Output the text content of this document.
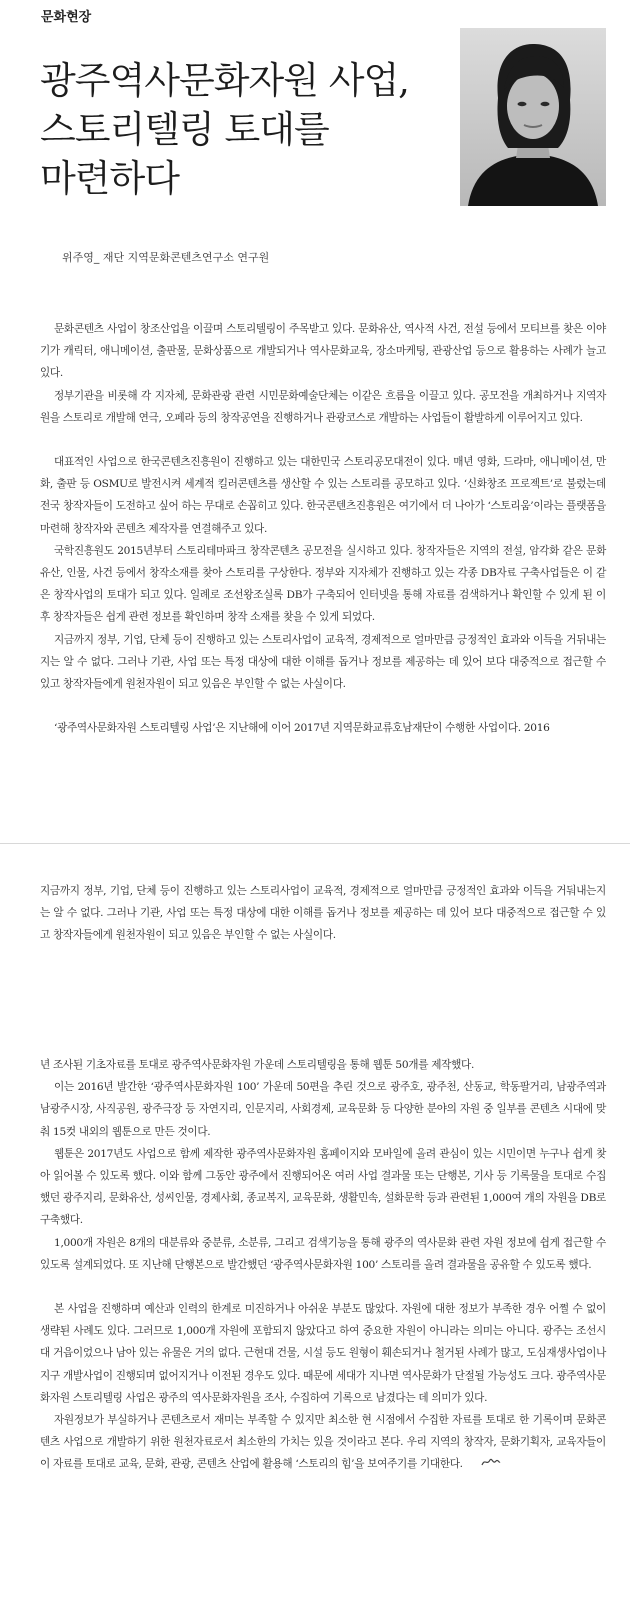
문화현장
광주역사문화자원 사업,
스토리텔링 토대를
마련하다
위주영_ 재단 지역문화콘텐츠연구소 연구원

문화콘텐츠 사업이 창조산업을 이끌며 스토리텔링이 주목받고 있다. 문화유산, 역사적 사건, 전설 등에서 모티브를 찾은 이야기가 캐릭터, 애니메이션, 출판물, 문화상품으로 개발되거나 역사문화교육, 장소마케팅, 관광산업 등으로 활용하는 사례가 늘고 있다.

정부기관을 비롯해 각 지자체, 문화관광 관련 시민문화예술단체는 이같은 흐름을 이끌고 있다. 공모전을 개최하거나 지역자원을 스토리로 개발해 연극, 오페라 등의 창작공연을 진행하거나 관광코스로 개발하는 사업들이 활발하게 이루어지고 있다.

대표적인 사업으로 한국콘텐츠진흥원이 진행하고 있는 대한민국 스토리공모대전이 있다. 매년 영화, 드라마, 애니메이션, 만화, 출판 등 OSMU로 발전시켜 세계적 킬러콘텐츠를 생산할 수 있는 스토리를 공모하고 있다. ‘신화창조 프로젝트’로 불렸는데 전국 창작자들이 도전하고 싶어 하는 무대로 손꼽히고 있다. 한국콘텐츠진흥원은 여기에서 더 나아가 ‘스토리움’이라는 플랫폼을 마련해 창작자와 콘텐츠 제작자를 연결해주고 있다.

국학진흥원도 2015년부터 스토리테마파크 창작콘텐츠 공모전을 실시하고 있다. 창작자들은 지역의 전설, 암각화 같은 문화유산, 인물, 사건 등에서 창작소재를 찾아 스토리를 구상한다. 정부와 지자체가 진행하고 있는 각종 DB자료 구축사업들은 이 같은 창작사업의 토대가 되고 있다. 일례로 조선왕조실록 DB가 구축되어 인터넷을 통해 자료를 검색하거나 확인할 수 있게 된 이후 창작자들은 쉽게 관련 정보를 확인하며 창작 소재를 찾을 수 있게 되었다.

지금까지 정부, 기업, 단체 등이 진행하고 있는 스토리사업이 교육적, 경제적으로 얼마만큼 긍정적인 효과와 이득을 거뒤내는지는 알 수 없다. 그러나 기관, 사업 또는 특정 대상에 대한 이해를 돕거나 정보를 제공하는 데 있어 보다 대중적으로 접근할 수 있고 창작자들에게 원천자원이 되고 있음은 부인할 수 없는 사실이다.

‘광주역사문화자원 스토리텔링 사업’은 지난해에 이어 2017년 지역문화교류호남재단이 수행한 사업이다. 2016

지금까지 정부, 기업, 단체 등이 진행하고 있는 스토리사업이 교육적, 경제적으로 얼마만큼 긍정적인 효과와 이득을 거둬내는지는 알 수 없다. 그러나 기관, 사업 또는 특정 대상에 대한 이해를 돕거나 정보를 제공하는 데 있어 보다 대중적으로 접근할 수 있고 창작자들에게 원천자원이 되고 있음은 부인할 수 없는 사실이다.

년 조사된 기초자료를 토대로 광주역사문화자원 가운데 스토리텔링을 통해 웹툰 50개를 제작했다.

이는 2016년 발간한 ‘광주역사문화자원 100’ 가운데 50편을 추린 것으로 광주호, 광주천, 산동교, 학동팔거리, 남광주역과 남광주시장, 사직공원, 광주극장 등 자연지리, 인문지리, 사회경제, 교육문화 등 다양한 분야의 자원 중 일부를 콘텐츠 시대에 맞춰 15컷 내외의 웹툰으로 만든 것이다.

웹툰은 2017년도 사업으로 함께 제작한 광주역사문화자원 홈페이지와 모바일에 올려 관심이 있는 시민이면 누구나 쉽게 찾아 읽어볼 수 있도록 했다. 이와 함께 그동안 광주에서 진행되어온 여러 사업 결과물 또는 단행본, 기사 등 기록물을 토대로 수집했던 광주지리, 문화유산, 성씨인물, 경제사회, 종교복지, 교육문화, 생활민속, 설화문학 등과 관련된 1,000여 개의 자원을 DB로 구축했다.

1,000개 자원은 8개의 대분류와 중분류, 소분류, 그리고 검색기능을 통해 광주의 역사문화 관련 자원 정보에 쉽게 접근할 수 있도록 설계되었다. 또 지난해 단행본으로 발간했던 ‘광주역사문화자원 100’ 스토리를 올려 결과물을 공유할 수 있도록 했다.

본 사업을 진행하며 예산과 인력의 한계로 미진하거나 아쉬운 부분도 많았다. 자원에 대한 정보가 부족한 경우 어쩔 수 없이 생략된 사례도 있다. 그러므로 1,000개 자원에 포함되지 않았다고 하여 중요한 자원이 아니라는 의미는 아니다. 광주는 조선시대 거읍이었으나 남아 있는 유물은 거의 없다. 근현대 건물, 시설 등도 원형이 훼손되거나 철거된 사례가 많고, 도심재생사업이나 지구 개발사업이 진행되며 없어지거나 이전된 경우도 있다. 때문에 세대가 지나면 역사문화가 단절될 가능성도 크다. 광주역사문화자원 스토리텔링 사업은 광주의 역사문화자원을 조사, 수집하여 기록으로 남겼다는 데 의미가 있다.

자원정보가 부실하거나 콘텐츠로서 재미는 부족할 수 있지만 최소한 현 시점에서 수집한 자료를 토대로 한 기록이며 문화콘텐츠 사업으로 개발하기 위한 원천자료로서 최소한의 가치는 있을 것이라고 본다. 우리 지역의 창작자, 문화기획자, 교육자들이 이 자료를 토대로 교육, 문화, 관광, 콘텐츠 산업에 활용해 ‘스토리의 힘’을 보여주기를 기대한다.
